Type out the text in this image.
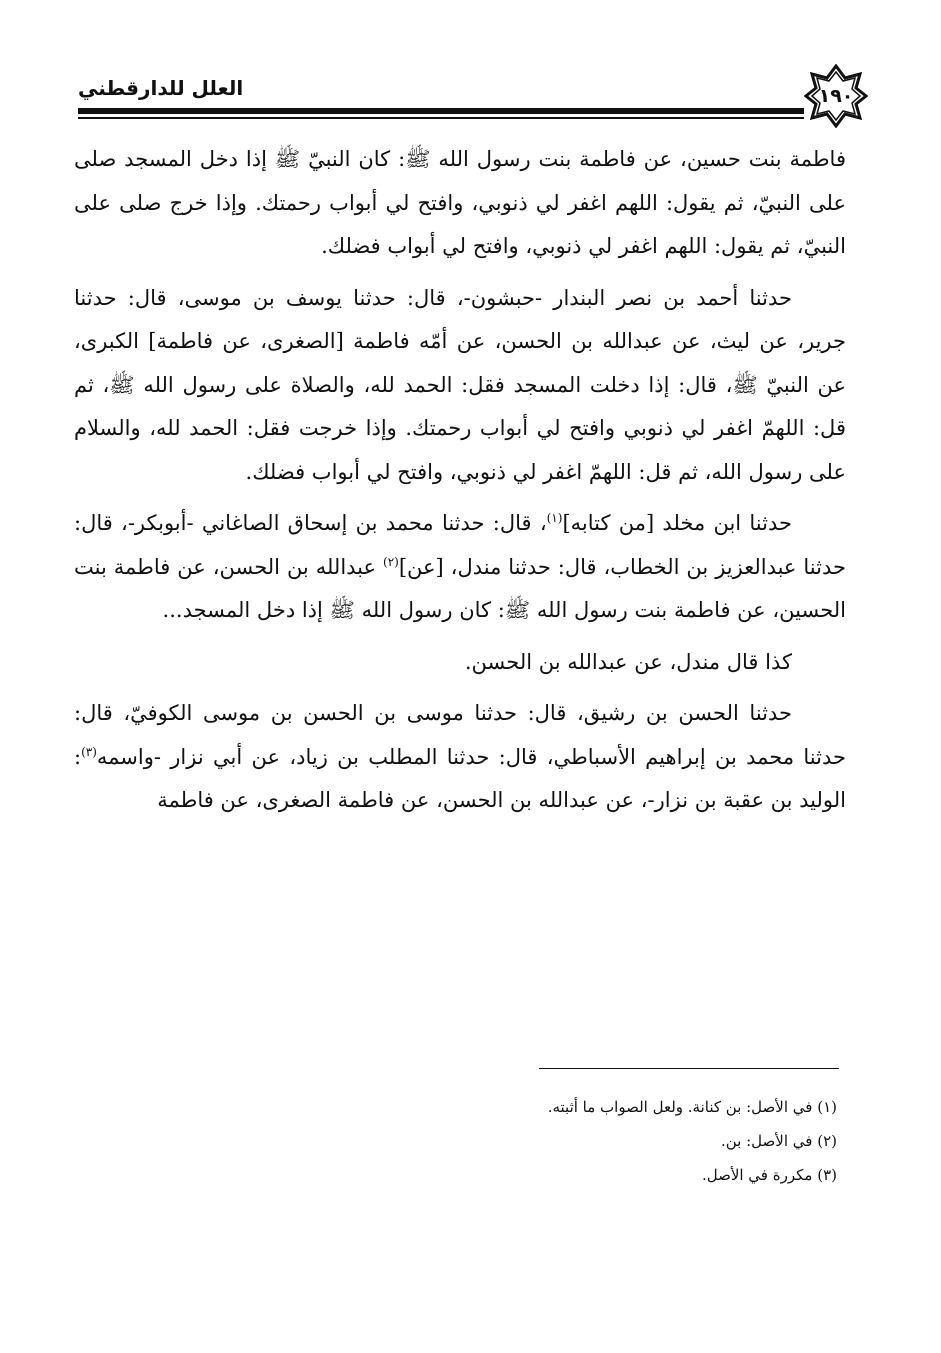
العلل للدارقطني	١٩٠

فاطمة بنت حسين، عن فاطمة بنت رسول الله ﷺ: كان النبيّ ﷺ إذا دخل المسجد صلى على النبيّ، ثم يقول: اللهم اغفر لي ذنوبي، وافتح لي أبواب رحمتك. وإذا خرج صلى على النبيّ، ثم يقول: اللهم اغفر لي ذنوبي، وافتح لي أبواب فضلك.

حدثنا أحمد بن نصر البندار -حبشون-، قال: حدثنا يوسف بن موسى، قال: حدثنا جرير، عن ليث، عن عبدالله بن الحسن، عن أمّه فاطمة [الصغرى، عن فاطمة] الكبرى، عن النبيّ ﷺ، قال: إذا دخلت المسجد فقل: الحمد لله، والصلاة على رسول الله ﷺ، ثم قل: اللهمّ اغفر لي ذنوبي وافتح لي أبواب رحمتك. وإذا خرجت فقل: الحمد لله، والسلام على رسول الله، ثم قل: اللهمّ اغفر لي ذنوبي، وافتح لي أبواب فضلك.

حدثنا ابن مخلد [من كتابه]$^{(١)}$، قال: حدثنا محمد بن إسحاق الصاغاني -أبوبكر-، قال: حدثنا عبدالعزيز بن الخطاب، قال: حدثنا مندل، [عن]$^{(٢)}$ عبدالله بن الحسن، عن فاطمة بنت الحسين، عن فاطمة بنت رسول الله ﷺ: كان رسول الله ﷺ إذا دخل المسجد...

كذا قال مندل، عن عبدالله بن الحسن.

حدثنا الحسن بن رشيق، قال: حدثنا موسى بن الحسن بن موسى الكوفيّ، قال: حدثنا محمد بن إبراهيم الأسباطي، قال: حدثنا المطلب بن زياد، عن أبي نزار -واسمه$^{(٣)}$: الوليد بن عقبة بن نزار-، عن عبدالله بن الحسن، عن فاطمة الصغرى، عن فاطمة

(١) في الأصل: بن كنانة. ولعل الصواب ما أثبته.
(٢) في الأصل: بن.
(٣) مكررة في الأصل.
